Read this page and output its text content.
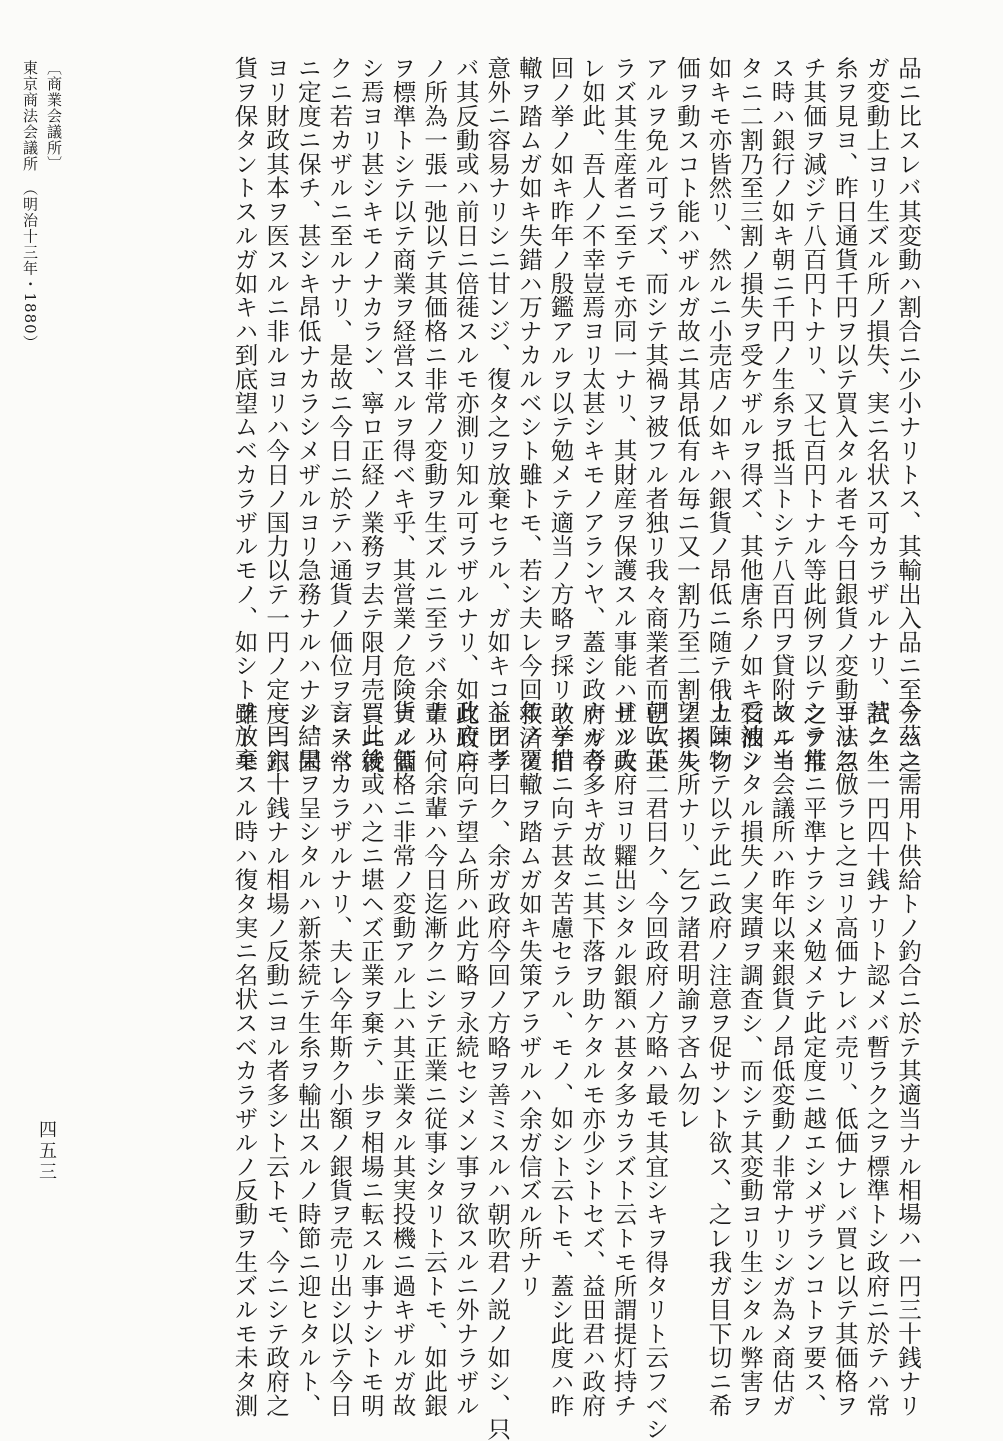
品ニ比スレバ其変動ハ割合ニ少小ナリトス、其輸出入品ニ至テハ之
ガ変動上ヨリ生ズル所ノ損失、実ニ名状ス可カラザルナリ、試ニ生
糸ヲ見ヨ、昨日通貨千円ヲ以テ買入タル者モ今日銀貨ノ変動ヨリ忽
チ其価ヲ減ジテ八百円トナリ、又七百円トナル等此例ヲ以テ之ヲ推
ス時ハ銀行ノ如キ朝ニ千円ノ生糸ヲ抵当トシテ八百円ヲ貸附スルモ
タニ二割乃至三割ノ損失ヲ受ケザルヲ得ズ、其他唐糸ノ如キ石油ノ
如キモ亦皆然リ、然ルニ小売店ノ如キハ銀貨ノ昂低ニ随テ俄カニ物
価ヲ動スコト能ハザルガ故ニ其昂低有ル毎ニ又一割乃至二割ノ損失
アルヲ免ル可ラズ、而シテ其禍ヲ被フル者独リ我々商業者而已ニ止
ラズ其生産者ニ至テモ亦同一ナリ、其財産ヲ保護スル事能ハザル夫
レ如此、吾人ノ不幸豈焉ヨリ太甚シキモノアランヤ、蓋シ政府ガ今
回ノ挙ノ如キ昨年ノ殷鑑アルヲ以テ勉メテ適当ノ方略ヲ採リ敢テ旧
轍ヲ踏ムガ如キ失錯ハ万ナカルベシト雖トモ、若シ夫レ今回救済ノ
意外ニ容易ナリシニ甘ンジ、復タ之ヲ放棄セラル、ガ如キコトアラ
バ其反動或ハ前日ニ倍蓰スルモ亦測リ知ル可ラザルナリ、如此政府
ノ所為一張一弛以テ其価格ニ非常ノ変動ヲ生ズルニ至ラバ余輩ハ何
ヲ標準トシテ以テ商業ヲ経営スルヲ得ベキ乎、其営業ノ危険ナル蓋
シ焉ヨリ甚シキモノナカラン、寧ロ正経ノ業務ヲ去テ限月売買ニ就
クニ若カザルニ至ルナリ、是故ニ今日ニ於テハ通貨ノ価位ヲシテ常
ニ定度ニ保チ、甚シキ昂低ナカラシメザルヨリ急務ナルハナシ、固
ヨリ財政其本ヲ医スルニ非ルヨリハ今日ノ国力以テ一円ノ定度ニ銀
貨ヲ保タントスルガ如キハ到底望ムベカラザルモノ、如シト雖トモ
今茲ニ需用ト供給トノ釣合ニ於テ其適当ナル相場ハ一円三十銭ナリ
若クハ一円四十銭ナリト認メバ暫ラク之ヲ標準トシ政府ニ於テハ常
平法ニ倣ラヒ之ヨリ高価ナレバ売リ、低価ナレバ買ヒ以テ其価格ヲ
シテ常ニ平準ナラシメ勉メテ此定度ニ越エシメザランコトヲ要ス、
故ニ当会議所ハ昨年以来銀貨ノ昂低変動ノ非常ナリシガ為メ商估ガ
受被シタル損失ノ実蹟ヲ調査シ、而シテ其変動ヨリ生シタル弊害ヲ
上陳シテ以テ此ニ政府ノ注意ヲ促サント欲ス、之レ我ガ目下切ニ希
望スル所ナリ、乞フ諸君明諭ヲ吝ム勿レ
朝吹英二君曰ク、今回政府ノ方略ハ最モ其宜シキヲ得タリト云フベシ
且ツ政府ヨリ糶出シタル銀額ハ甚タ多カラズト云トモ所謂提灯持チ
ナル者多キガ故ニ其下落ヲ助ケタルモ亦少シトセズ、益田君ハ政府
ノ挙措ニ向テ甚タ苦慮セラル、モノ、如シト云トモ、蓋シ此度ハ昨
年ノ覆轍ヲ踏ムガ如キ失策アラザルハ余ガ信ズル所ナリ
益田孝曰ク、余ガ政府今回ノ方略ヲ善ミスルハ朝吹君ノ説ノ如シ、只
政府ニ向テ望ム所ハ此方略ヲ永続セシメン事ヲ欲スルニ外ナラザル
ナリ、余輩ハ今日迄漸クニシテ正業ニ従事シタリト云トモ、如此銀
貨ノ価格ニ非常ノ変動アル上ハ其正業タル其実投機ニ過キザルガ故
ニ此後或ハ之ニ堪ヘズ正業ヲ棄テ、歩ヲ相場ニ転スル事ナシトモ明
言スベカラザルナリ、夫レ今年斯ク小額ノ銀貨ヲ売リ出シ以テ今日
ノ結果ヲ呈シタルハ新茶続テ生糸ヲ輸出スルノ時節ニ迎ヒタルト、
一円六十銭ナル相場ノ反動ニヨル者多シト云トモ、今ニシテ政府之
ヲ放棄スル時ハ復タ実ニ名状スベカラザルノ反動ヲ生ズルモ未タ測
〔商業会議所〕
東京商法会議所　（明治十三年・1880）
四五三
